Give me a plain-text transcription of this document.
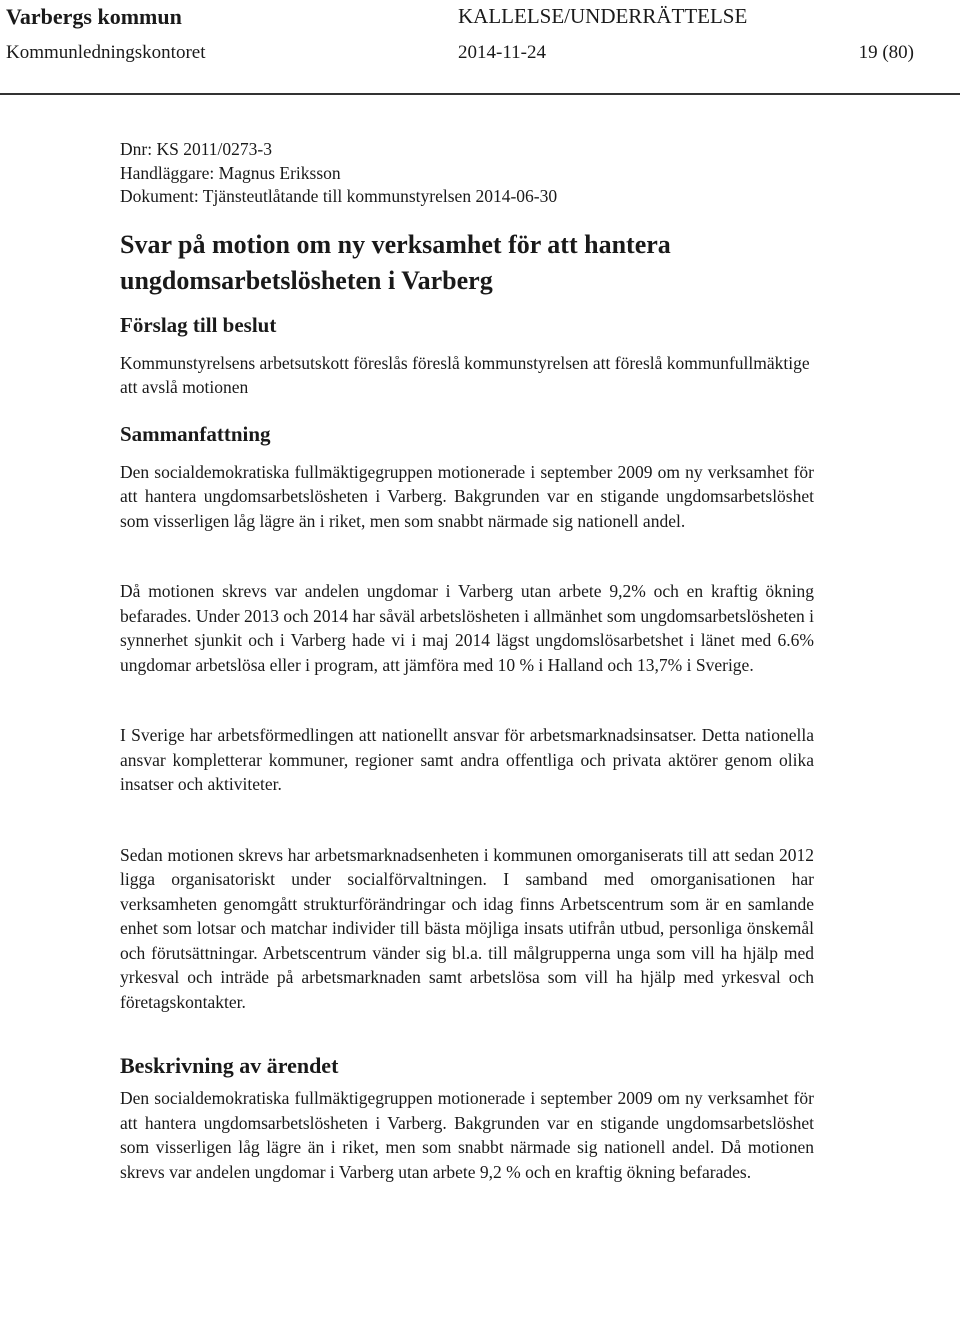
Varbergs kommun	KALLELSE/UNDERRÄTTELSE
Kommunledningskontoret	2014-11-24	19 (80)
Dnr: KS 2011/0273-3
Handläggare: Magnus Eriksson
Dokument: Tjänsteutlåtande till kommunstyrelsen 2014-06-30
Svar på motion om ny verksamhet för att hantera ungdomsarbetslösheten i Varberg
Förslag till beslut

Kommunstyrelsens arbetsutskott föreslås föreslå kommunstyrelsen att föreslå kommunfullmäktige att avslå motionen

Sammanfattning

Den socialdemokratiska fullmäktigegruppen motionerade i september 2009 om ny verksamhet för att hantera ungdomsarbetslösheten i Varberg. Bakgrunden var en stigande ungdomsarbetslöshet som visserligen låg lägre än i riket, men som snabbt närmade sig nationell andel.

Då motionen skrevs var andelen ungdomar i Varberg utan arbete 9,2% och en kraftig ökning befarades. Under 2013 och 2014 har såväl arbetslösheten i allmänhet som ungdomsarbetslösheten i synnerhet sjunkit och i Varberg hade vi i maj 2014 lägst ungdomslösarbetshet i länet med 6.6% ungdomar arbetslösa eller i program, att jämföra med 10 % i Halland och 13,7% i Sverige.

I Sverige har arbetsförmedlingen att nationellt ansvar för arbetsmarknadsinsatser. Detta nationella ansvar kompletterar kommuner, regioner samt andra offentliga och privata aktörer genom olika insatser och aktiviteter.

Sedan motionen skrevs har arbetsmarknadsenheten i kommunen omorganiserats till att sedan 2012 ligga organisatoriskt under socialförvaltningen. I samband med omorganisationen har verksamheten genomgått strukturförändringar och idag finns Arbetscentrum som är en samlande enhet som lotsar och matchar individer till bästa möjliga insats utifrån utbud, personliga önskemål och förutsättningar. Arbetscentrum vänder sig bl.a. till målgrupperna unga som vill ha hjälp med yrkesval och inträde på arbetsmarknaden samt arbetslösa som vill ha hjälp med yrkesval och företagskontakter.

Beskrivning av ärendet

Den socialdemokratiska fullmäktigegruppen motionerade i september 2009 om ny verksamhet för att hantera ungdomsarbetslösheten i Varberg. Bakgrunden var en stigande ungdomsarbetslöshet som visserligen låg lägre än i riket, men som snabbt närmade sig nationell andel. Då motionen skrevs var andelen ungdomar i Varberg utan arbete 9,2 % och en kraftig ökning befarades.
